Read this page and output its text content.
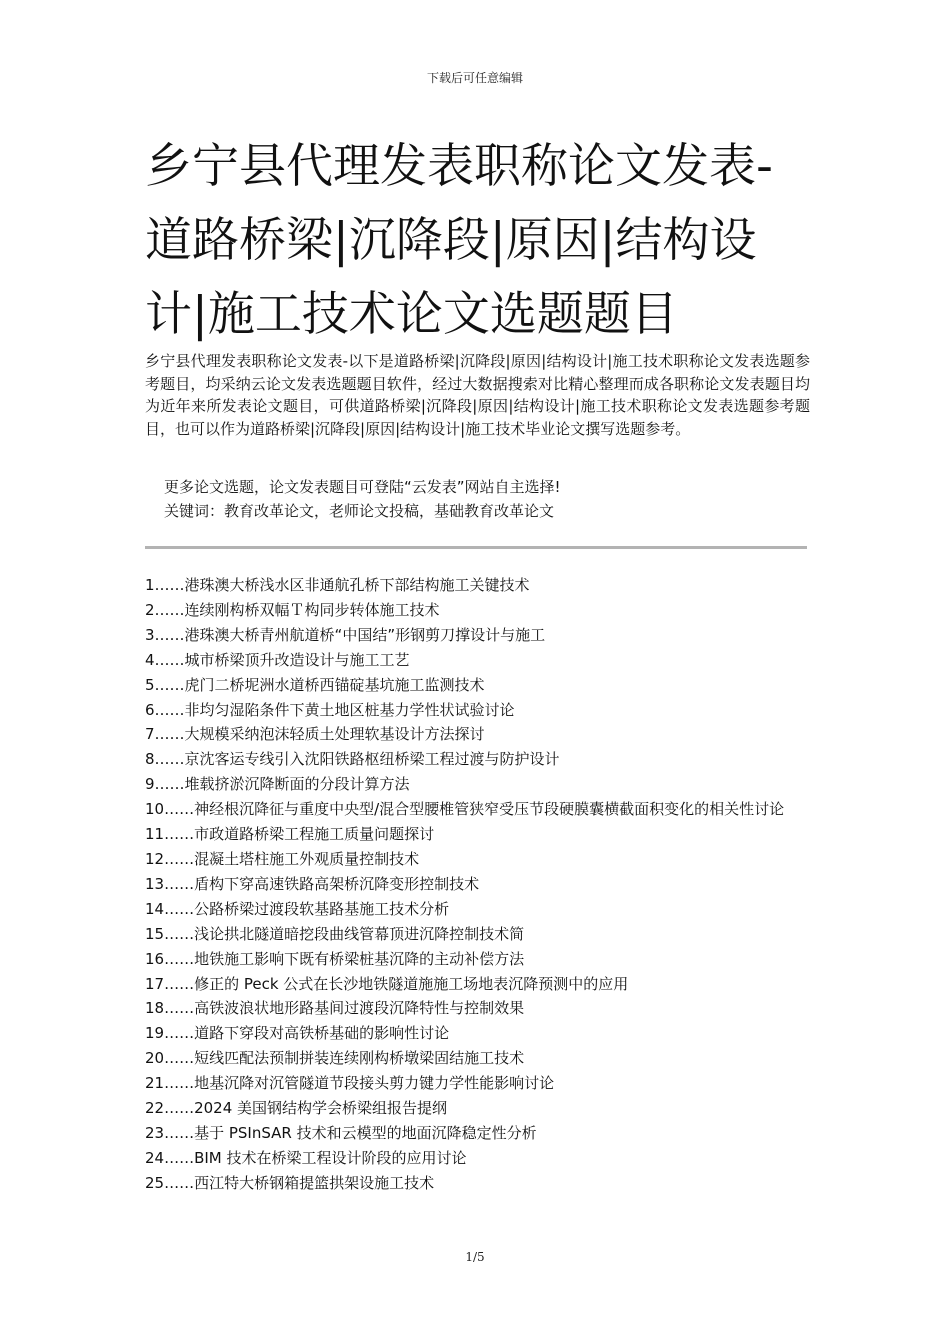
下载后可任意编辑
乡宁县代理发表职称论文发表-道路桥梁|沉降段|原因|结构设计|施工技术论文选题题目

乡宁县代理发表职称论文发表-以下是道路桥梁|沉降段|原因|结构设计|施工技术职称论文发表选题参考题目，均采纳云论文发表选题题目软件，经过大数据搜索对比精心整理而成各职称论文发表题目均为近年来所发表论文题目，可供道路桥梁|沉降段|原因|结构设计|施工技术职称论文发表选题参考题目，也可以作为道路桥梁|沉降段|原因|结构设计|施工技术毕业论文撰写选题参考。

更多论文选题，论文发表题目可登陆“云发表”网站自主选择!

关键词：教育改革论文，老师论文投稿，基础教育改革论文

1……港珠澳大桥浅水区非通航孔桥下部结构施工关键技术
2……连续刚构桥双幅Ｔ构同步转体施工技术
3……港珠澳大桥青州航道桥“中国结”形钢剪刀撑设计与施工
4……城市桥梁顶升改造设计与施工工艺
5……虎门二桥坭洲水道桥西锚碇基坑施工监测技术
6……非均匀湿陷条件下黄土地区桩基力学性状试验讨论
7……大规模采纳泡沫轻质土处理软基设计方法探讨
8……京沈客运专线引入沈阳铁路枢纽桥梁工程过渡与防护设计
9……堆载挤淤沉降断面的分段计算方法
10……神经根沉降征与重度中央型/混合型腰椎管狭窄受压节段硬膜囊横截面积变化的相关性讨论
11……市政道路桥梁工程施工质量问题探讨
12……混凝土塔柱施工外观质量控制技术
13……盾构下穿高速铁路高架桥沉降变形控制技术
14……公路桥梁过渡段软基路基施工技术分析
15……浅论拱北隧道暗挖段曲线管幕顶进沉降控制技术简
16……地铁施工影响下既有桥梁桩基沉降的主动补偿方法
17……修正的 Peck 公式在长沙地铁隧道施施工场地表沉降预测中的应用
18……高铁波浪状地形路基间过渡段沉降特性与控制效果
19……道路下穿段对高铁桥基础的影响性讨论
20……短线匹配法预制拼装连续刚构桥墩梁固结施工技术
21……地基沉降对沉管隧道节段接头剪力键力学性能影响讨论
22……2024 美国钢结构学会桥梁组报告提纲
23……基于 PSInSAR 技术和云模型的地面沉降稳定性分析
24……BIM 技术在桥梁工程设计阶段的应用讨论
25……西江特大桥钢箱提篮拱架设施工技术
1/5
